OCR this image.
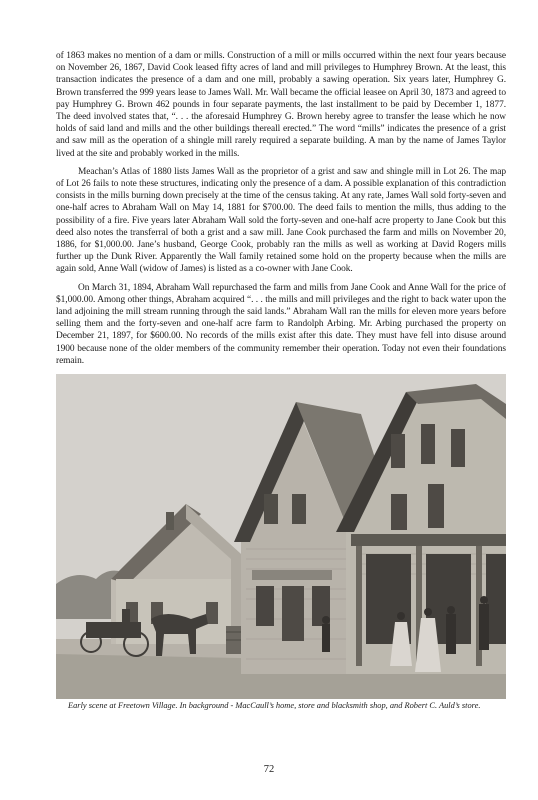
of 1863 makes no mention of a dam or mills. Construction of a mill or mills occurred within the next four years because on November 26, 1867, David Cook leased fifty acres of land and mill privileges to Humphrey Brown. At the least, this transaction indicates the presence of a dam and one mill, probably a sawing operation. Six years later, Humphrey G. Brown transferred the 999 years lease to James Wall. Mr. Wall became the official leasee on April 30, 1873 and agreed to pay Humphrey G. Brown 462 pounds in four separate payments, the last installment to be paid by December 1, 1877. The deed involved states that, “. . . the aforesaid Humphrey G. Brown hereby agree to transfer the lease which he now holds of said land and mills and the other buildings thereall erected.” The word “mills” indicates the presence of a grist and saw mill as the operation of a shingle mill rarely required a separate building. A man by the name of James Taylor lived at the site and probably worked in the mills.

Meachan’s Atlas of 1880 lists James Wall as the proprietor of a grist and saw and shingle mill in Lot 26. The map of Lot 26 fails to note these structures, indicating only the presence of a dam. A possible explanation of this contradiction consists in the mills burning down precisely at the time of the census taking. At any rate, James Wall sold forty-seven and one-half acres to Abraham Wall on May 14, 1881 for $700.00. The deed fails to mention the mills, thus adding to the possibility of a fire. Five years later Abraham Wall sold the forty-seven and one-half acre property to Jane Cook but this deed also notes the transferral of both a grist and a saw mill. Jane Cook purchased the farm and mills on November 20, 1886, for $1,000.00. Jane’s husband, George Cook, probably ran the mills as well as working at David Rogers mills further up the Dunk River. Apparently the Wall family retained some hold on the property because when the mills are again sold, Anne Wall (widow of James) is listed as a co-owner with Jane Cook.

On March 31, 1894, Abraham Wall repurchased the farm and mills from Jane Cook and Anne Wall for the price of $1,000.00. Among other things, Abraham acquired “. . . the mills and mill privileges and the right to back water upon the land adjoining the mill stream running through the said lands.” Abraham Wall ran the mills for eleven more years before selling them and the forty-seven and one-half acre farm to Randolph Arbing. Mr. Arbing purchased the property on December 21, 1897, for $600.00. No records of the mills exist after this date. They must have fell into disuse around 1900 because none of the older members of the community remember their operation. Today not even their foundations remain.

Early scene at Freetown Village. In background - MacCaull’s home, store and blacksmith shop, and Robert C. Auld’s store.
72
